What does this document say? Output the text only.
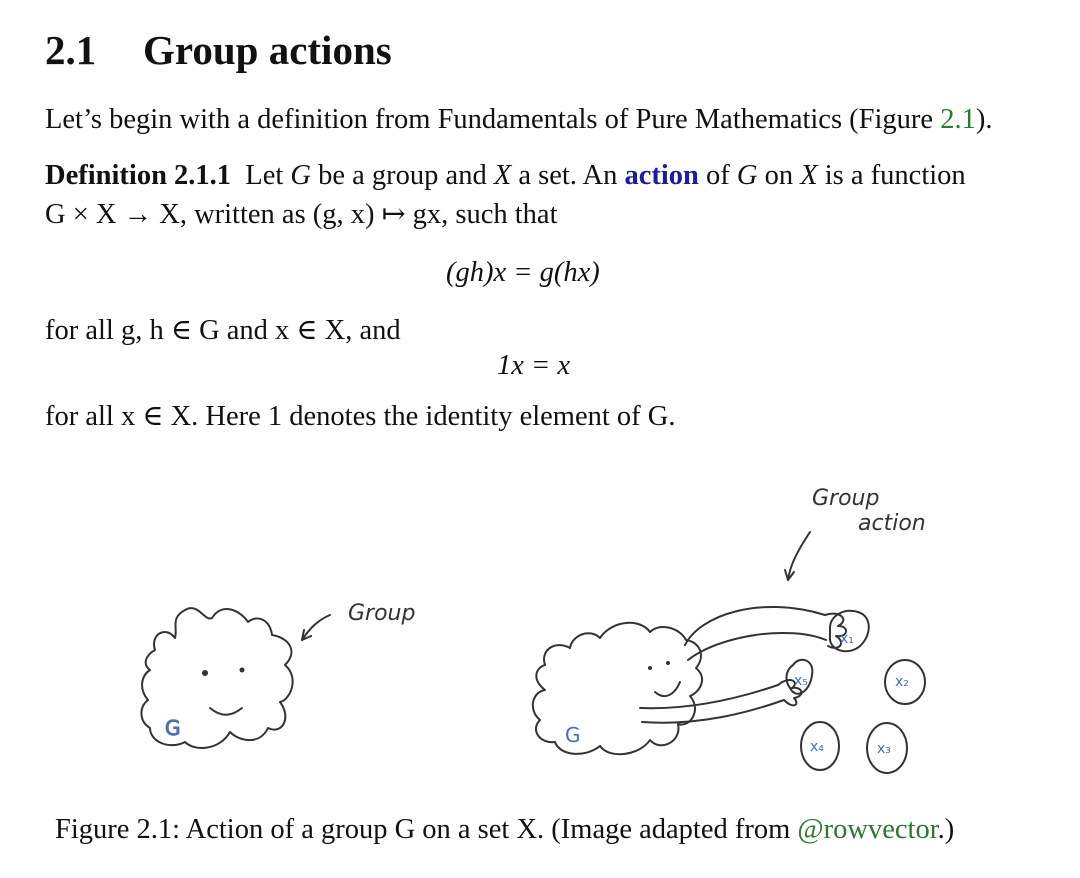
2.1 Group actions
Let’s begin with a definition from Fundamentals of Pure Mathematics (Figure 2.1).
Definition 2.1.1 Let G be a group and X a set. An action of G on X is a function
G × X → X, written as (g, x) ↦ gx, such that
(gh)x = g(hx)
for all g, h ∈ G and x ∈ X, and
1x = x
for all x ∈ X. Here 1 denotes the identity element of G.
G
Group
G
x₁
x₅	x₂
x₃
x₄
Group
action
Figure 2.1: Action of a group G on a set X. (Image adapted from @rowvector.)
